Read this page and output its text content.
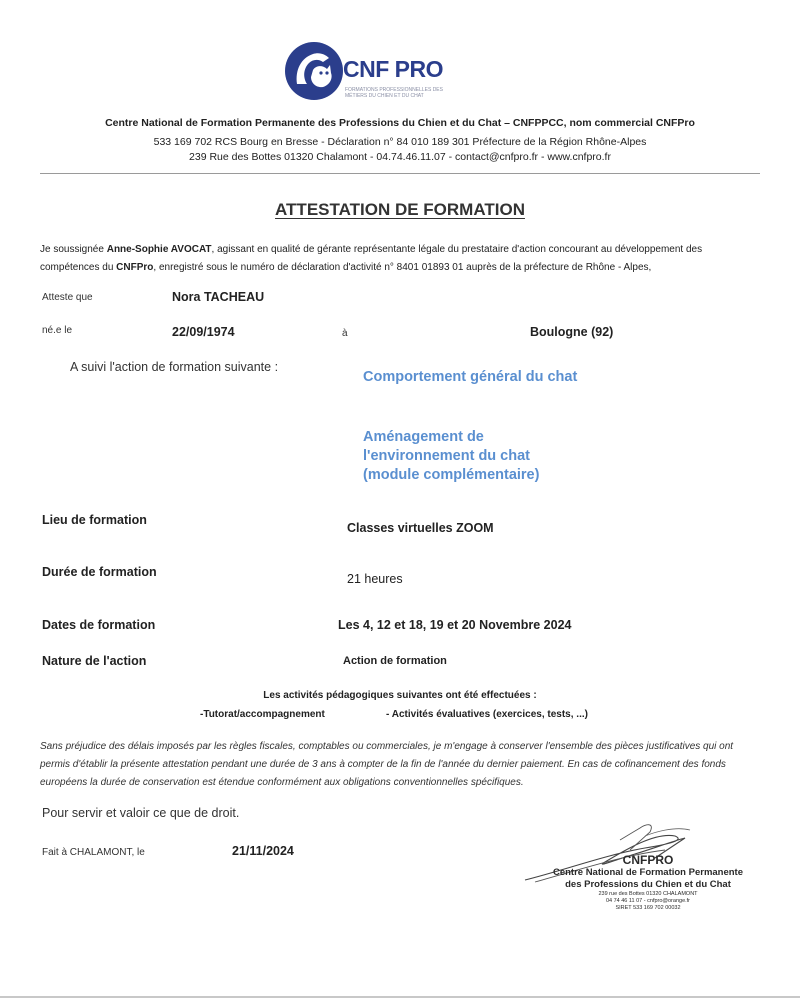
CNF PRO
FORMATIONS PROFESSIONNELLES DES MÉTIERS DU CHIEN ET DU CHAT
Centre National de Formation Permanente des Professions du Chien et du Chat – CNFPPCC, nom commercial CNFPro
533 169 702 RCS Bourg en Bresse - Déclaration n° 84 010 189 301 Préfecture de la Région Rhône-Alpes
239 Rue des Bottes 01320 Chalamont - 04.74.46.11.07 - contact@cnfpro.fr - www.cnfpro.fr
ATTESTATION DE FORMATION
Je soussignée Anne-Sophie AVOCAT, agissant en qualité de gérante représentante légale du prestataire d'action concourant au développement des compétences du CNFPro, enregistré sous le numéro de déclaration d'activité n° 8401 01893 01 auprès de la préfecture de Rhône - Alpes,
Atteste que	Nora TACHEAU
né.e le	22/09/1974	à	Boulogne (92)
A suivi l'action de formation suivante :
Comportement général du chat
Aménagement de l'environnement du chat (module complémentaire)
Lieu de formation
Classes virtuelles ZOOM
Durée de formation	21 heures
Dates de formation	Les 4, 12 et 18, 19 et 20 Novembre 2024
Nature de l'action	Action de formation
Les activités pédagogiques suivantes ont été effectuées :
-Tutorat/accompagnement	- Activités évaluatives (exercices, tests, ...)
Sans préjudice des délais imposés par les règles fiscales, comptables ou commerciales, je m'engage à conserver l'ensemble des pièces justificatives qui ont permis d'établir la présente attestation pendant une durée de 3 ans à compter de la fin de l'année du dernier paiement. En cas de cofinancement des fonds européens la durée de conservation est étendue conformément aux obligations conventionnelles spécifiques.
Pour servir et valoir ce que de droit.
Fait à CHALAMONT, le	21/11/2024
CNFPRO
Centre National de Formation Permanente
des Professions du Chien et du Chat
239 rue des Bottes 01320 CHALAMONT
04 74 46 11 07 - cnfpro@orange.fr
SIRET 533 169 702 00032
